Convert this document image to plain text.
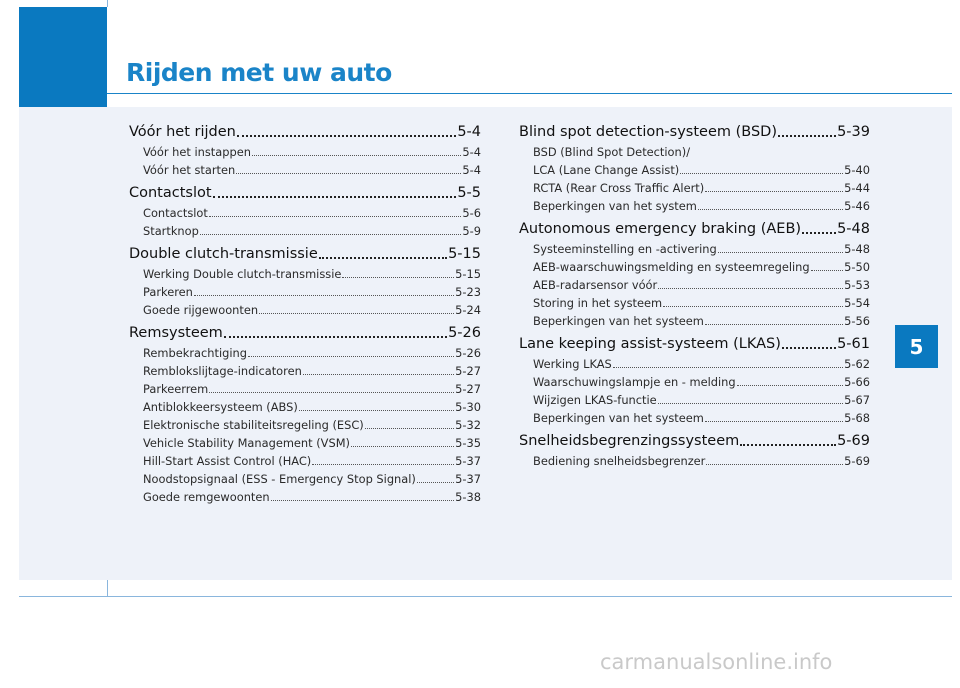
Rijden met uw auto
Vóór het rijden	5-4
Vóór het instappen	5-4
Vóór het starten	5-4
Contactslot	5-5
Contactslot	5-6
Startknop	5-9
Double clutch-transmissie	5-15
Werking Double clutch-transmissie	5-15
Parkeren	5-23
Goede rijgewoonten	5-24
Remsysteem	5-26
Rembekrachtiging	5-26
Remblokslijtage-indicatoren	5-27
Parkeerrem	5-27
Antiblokkeersysteem (ABS)	5-30
Elektronische stabiliteitsregeling (ESC)	5-32
Vehicle Stability Management (VSM)	5-35
Hill-Start Assist Control (HAC)	5-37
Noodstopsignaal (ESS - Emergency Stop Signal)	5-37
Goede remgewoonten	5-38
Blind spot detection-systeem (BSD)	5-39
BSD (Blind Spot Detection)/
LCA (Lane Change Assist)	5-40
RCTA (Rear Cross Traffic Alert)	5-44
Beperkingen van het system	5-46
Autonomous emergency braking (AEB) 5-48
Systeeminstelling en -activering	5-48
AEB-waarschuwingsmelding en systeemregeling	5-50
AEB-radarsensor vóór	5-53
Storing in het systeem	5-54
Beperkingen van het systeem	5-56
Lane keeping assist-systeem (LKAS)	5-61
Werking LKAS	5-62
Waarschuwingslampje en - melding	5-66
Wijzigen LKAS-functie	5-67
Beperkingen van het systeem	5-68
Snelheidsbegrenzingssysteem	5-69
Bediening snelheidsbegrenzer	5-69
5
carmanualsonline.info
